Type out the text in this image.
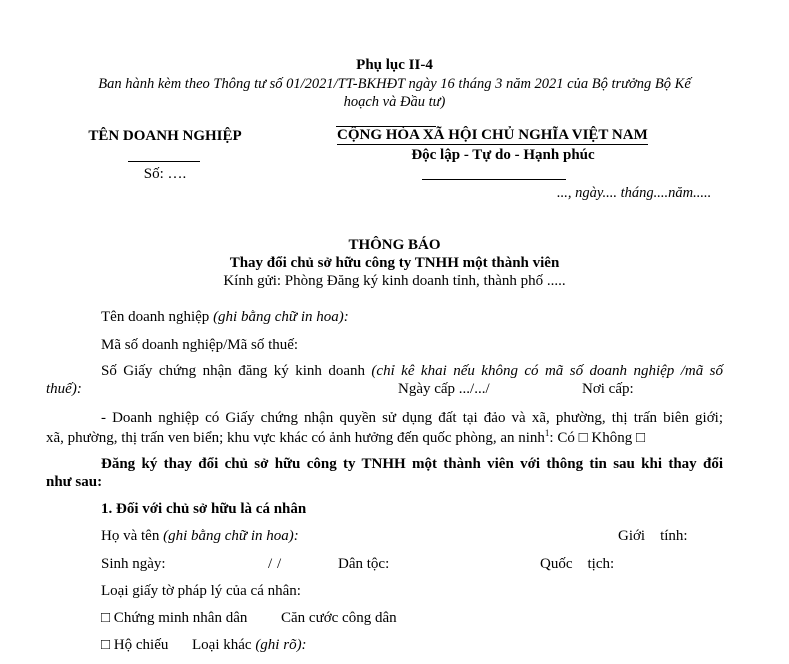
Phụ lục II-4
Ban hành kèm theo Thông tư số 01/2021/TT-BKHĐT ngày 16 tháng 3 năm 2021 của Bộ trưởng Bộ Kế
hoạch và Đầu tư)
TÊN DOANH NGHIỆP
Số: ….
CỘNG HÒA XÃ HỘI CHỦ NGHĨA VIỆT NAM
Độc lập - Tự do - Hạnh phúc
..., ngày.... tháng....năm.....
THÔNG BÁO
Thay đổi chủ sở hữu công ty TNHH một thành viên
Kính gửi: Phòng Đăng ký kinh doanh tỉnh, thành phố .....
Tên doanh nghiệp (ghi bằng chữ in hoa):
Mã số doanh nghiệp/Mã số thuế:
Số Giấy chứng nhận đăng ký kinh doanh (chỉ kê khai nếu không có mã số doanh nghiệp /mã số
thuế):	Ngày cấp .../.../	Nơi cấp:
- Doanh nghiệp có Giấy chứng nhận quyền sử dụng đất tại đảo và xã, phường, thị trấn biên giới;
xã, phường, thị trấn ven biển; khu vực khác có ảnh hưởng đến quốc phòng, an ninh$^1$: Có □ Không □
Đăng ký thay đổi chủ sở hữu công ty TNHH một thành viên với thông tin sau khi thay đổi
như sau:
1. Đối với chủ sở hữu là cá nhân
Họ và tên (ghi bằng chữ in hoa):	Giới    tính:
Sinh ngày:	/ /	Dân tộc:	Quốc    tịch:
Loại giấy tờ pháp lý của cá nhân:
□ Chứng minh nhân dân Căn cước công dân
□ Hộ chiếu Loại khác (ghi rõ):
